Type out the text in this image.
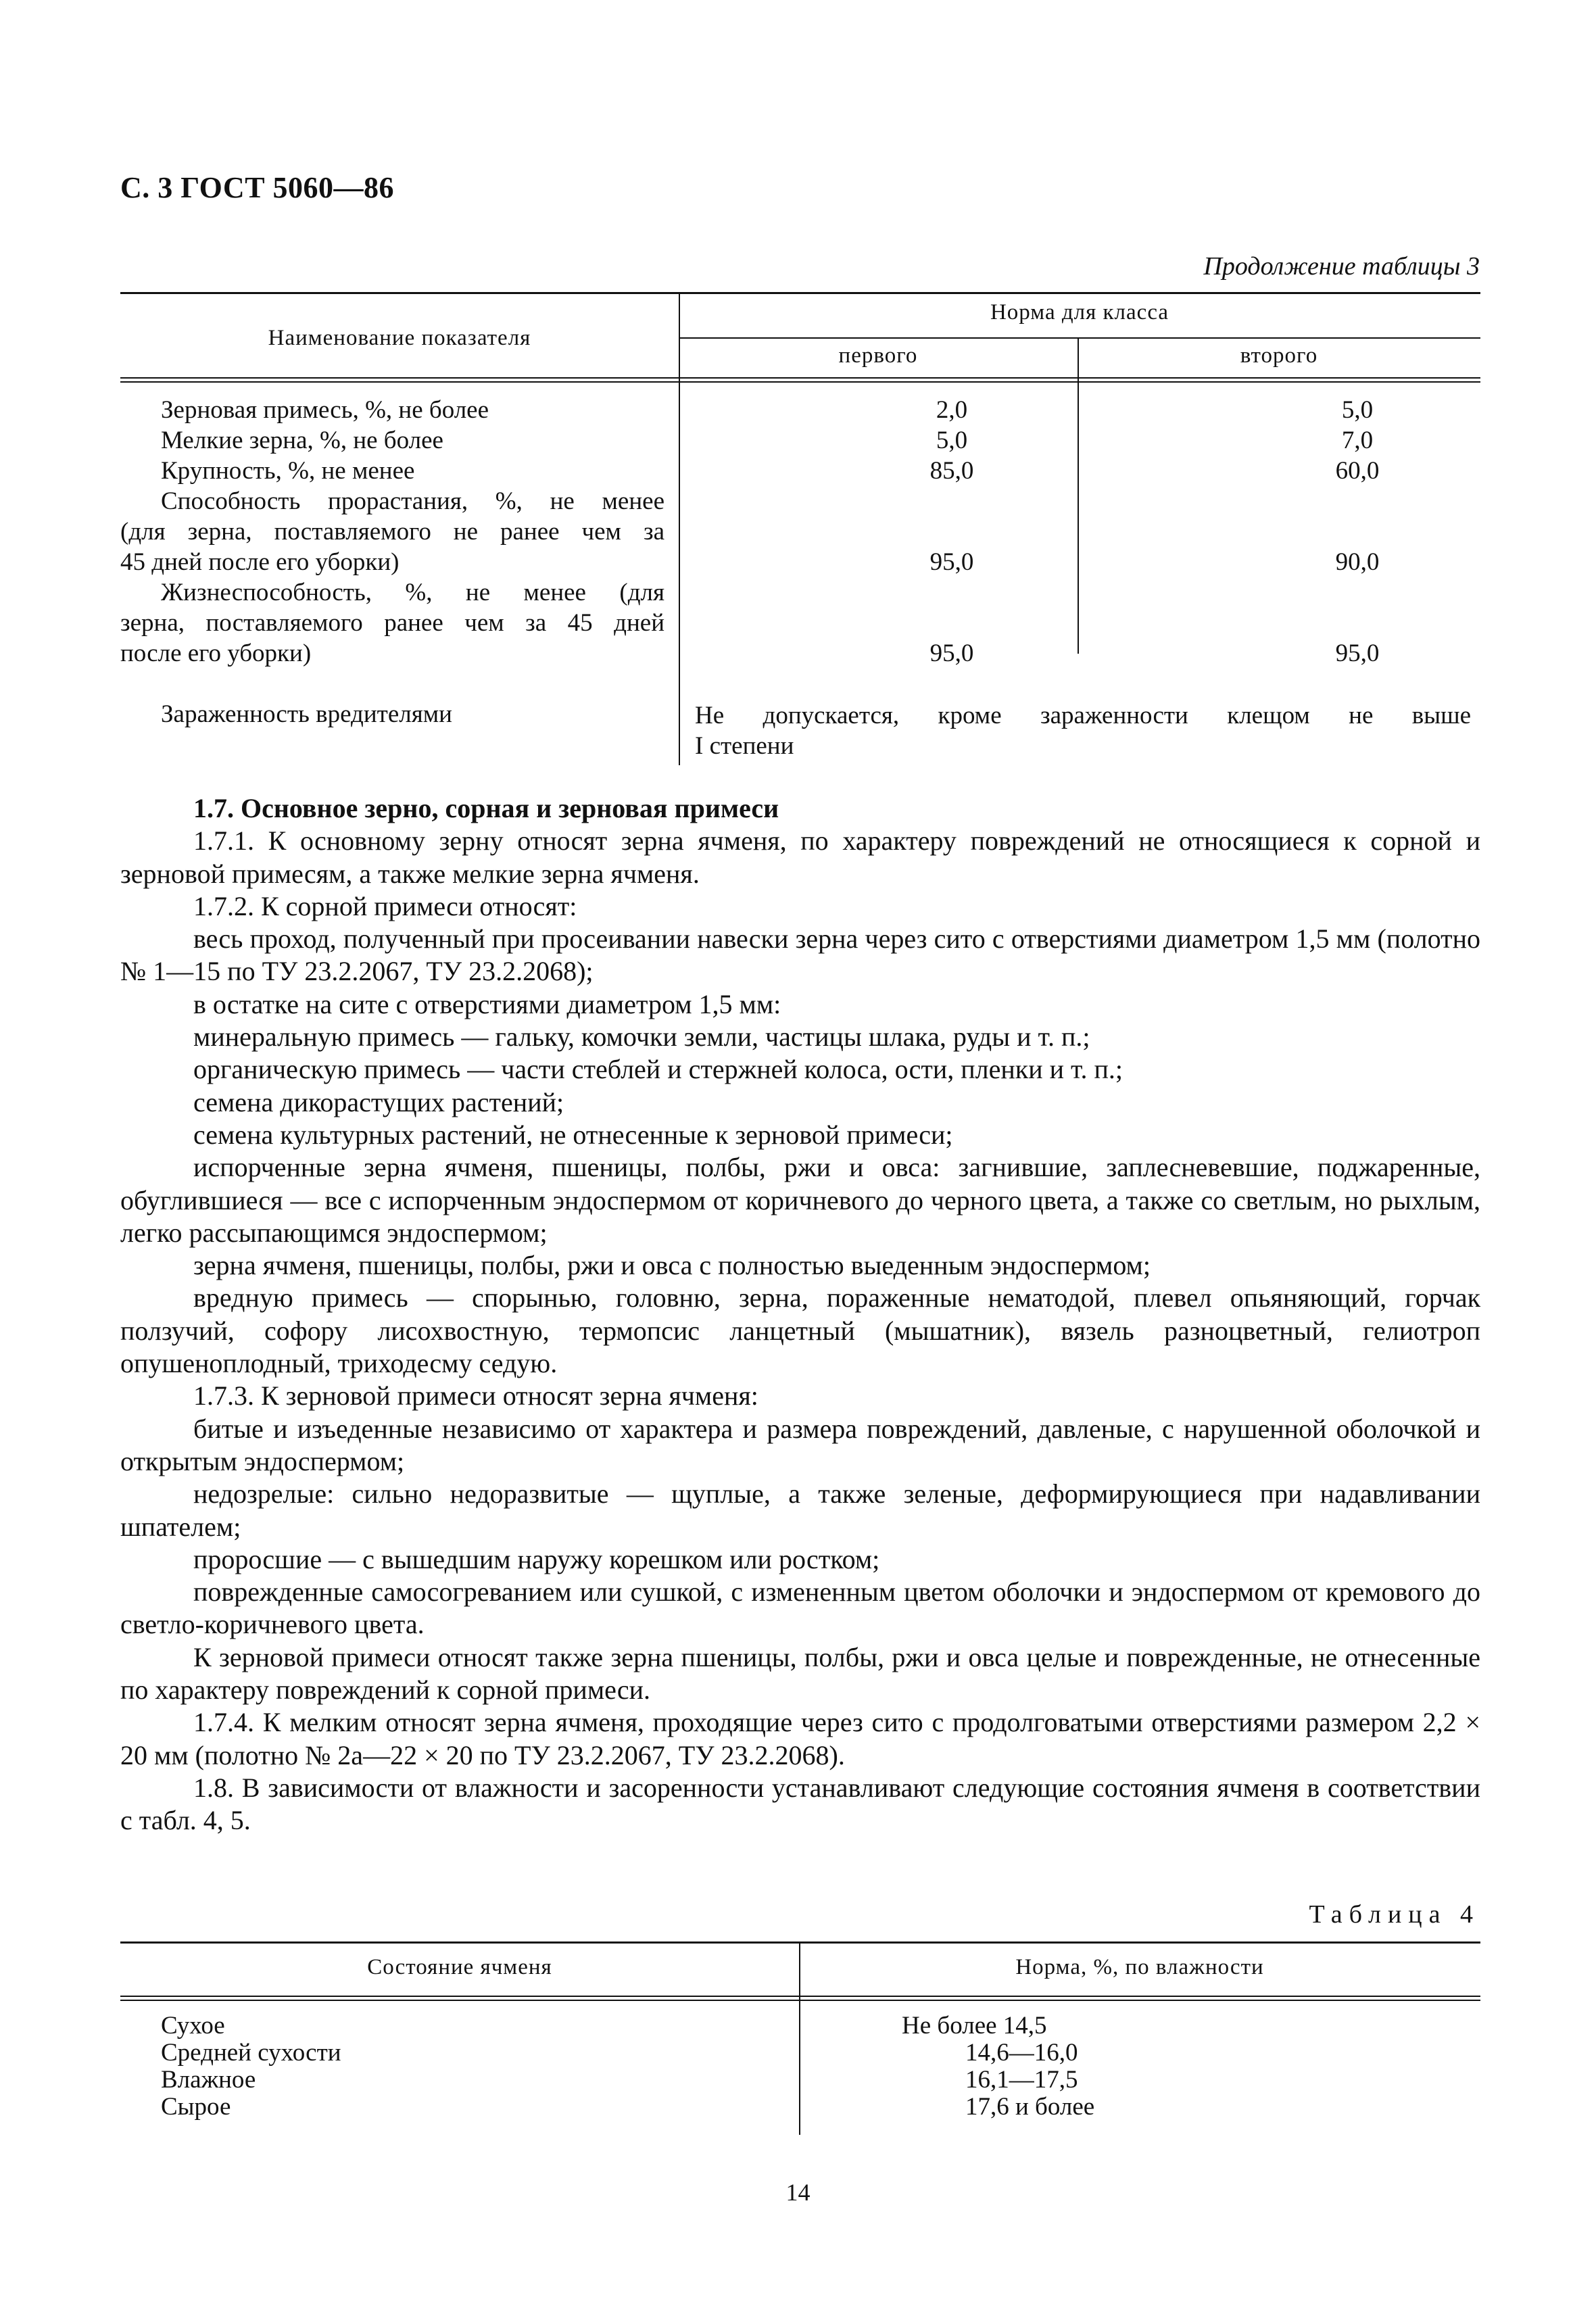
С. 3 ГОСТ 5060—86
Продолжение таблицы 3
Наименование показателя
Норма для класса
первого	второго
Зерновая примесь, %, не более	2,0	5,0
Мелкие зерна, %, не более	5,0	7,0
Крупность, %, не менее	85,0	60,0
Способность прорастания, %, не менее
(для зерна, поставляемого не ранее чем за
45 дней после его уборки)	95,0	90,0
Жизнеспособность, %, не менее (для
зерна, поставляемого ранее чем за 45 дней
после его уборки)	95,0	95,0
Зараженность вредителями	Не допускается, кроме зараженности клещом не выше
I степени

1.7. Основное зерно, сорная и зерновая примеси

1.7.1. К основному зерну относят зерна ячменя, по характеру повреждений не относящиеся к сорной и зерновой примесям, а также мелкие зерна ячменя.

1.7.2. К сорной примеси относят:

весь проход, полученный при просеивании навески зерна через сито с отверстиями диаметром 1,5 мм (полотно № 1—15 по ТУ 23.2.2067, ТУ 23.2.2068);

в остатке на сите с отверстиями диаметром 1,5 мм:

минеральную примесь — гальку, комочки земли, частицы шлака, руды и т. п.;

органическую примесь — части стеблей и стержней колоса, ости, пленки и т. п.;

семена дикорастущих растений;

семена культурных растений, не отнесенные к зерновой примеси;

испорченные зерна ячменя, пшеницы, полбы, ржи и овса: загнившие, заплесневевшие, поджаренные, обуглившиеся — все с испорченным эндоспермом от коричневого до черного цвета, а также со светлым, но рыхлым, легко рассыпающимся эндоспермом;

зерна ячменя, пшеницы, полбы, ржи и овса с полностью выеденным эндоспермом;

вредную примесь — спорынью, головню, зерна, пораженные нематодой, плевел опьяняющий, горчак ползучий, софору лисохвостную, термопсис ланцетный (мышатник), вязель разноцветный, гелиотроп опушеноплодный, триходесму седую.

1.7.3. К зерновой примеси относят зерна ячменя:

битые и изъеденные независимо от характера и размера повреждений, давленые, с нарушенной оболочкой и открытым эндоспермом;

недозрелые: сильно недоразвитые — щуплые, а также зеленые, деформирующиеся при надавливании шпателем;

проросшие — с вышедшим наружу корешком или ростком;

поврежденные самосогреванием или сушкой, с измененным цветом оболочки и эндоспермом от кремового до светло-коричневого цвета.

К зерновой примеси относят также зерна пшеницы, полбы, ржи и овса целые и поврежденные, не отнесенные по характеру повреждений к сорной примеси.

1.7.4. К мелким относят зерна ячменя, проходящие через сито с продолговатыми отверстиями размером 2,2 × 20 мм (полотно № 2а—22 × 20 по ТУ 23.2.2067, ТУ 23.2.2068).

1.8. В зависимости от влажности и засоренности устанавливают следующие состояния ячменя в соответствии с табл. 4, 5.

Таблица 4
Состояние ячменя	Норма, %, по влажности
Сухое	Не более 14,5
Средней сухости	14,6—16,0
Влажное	16,1—17,5
Сырое	17,6 и более
14
